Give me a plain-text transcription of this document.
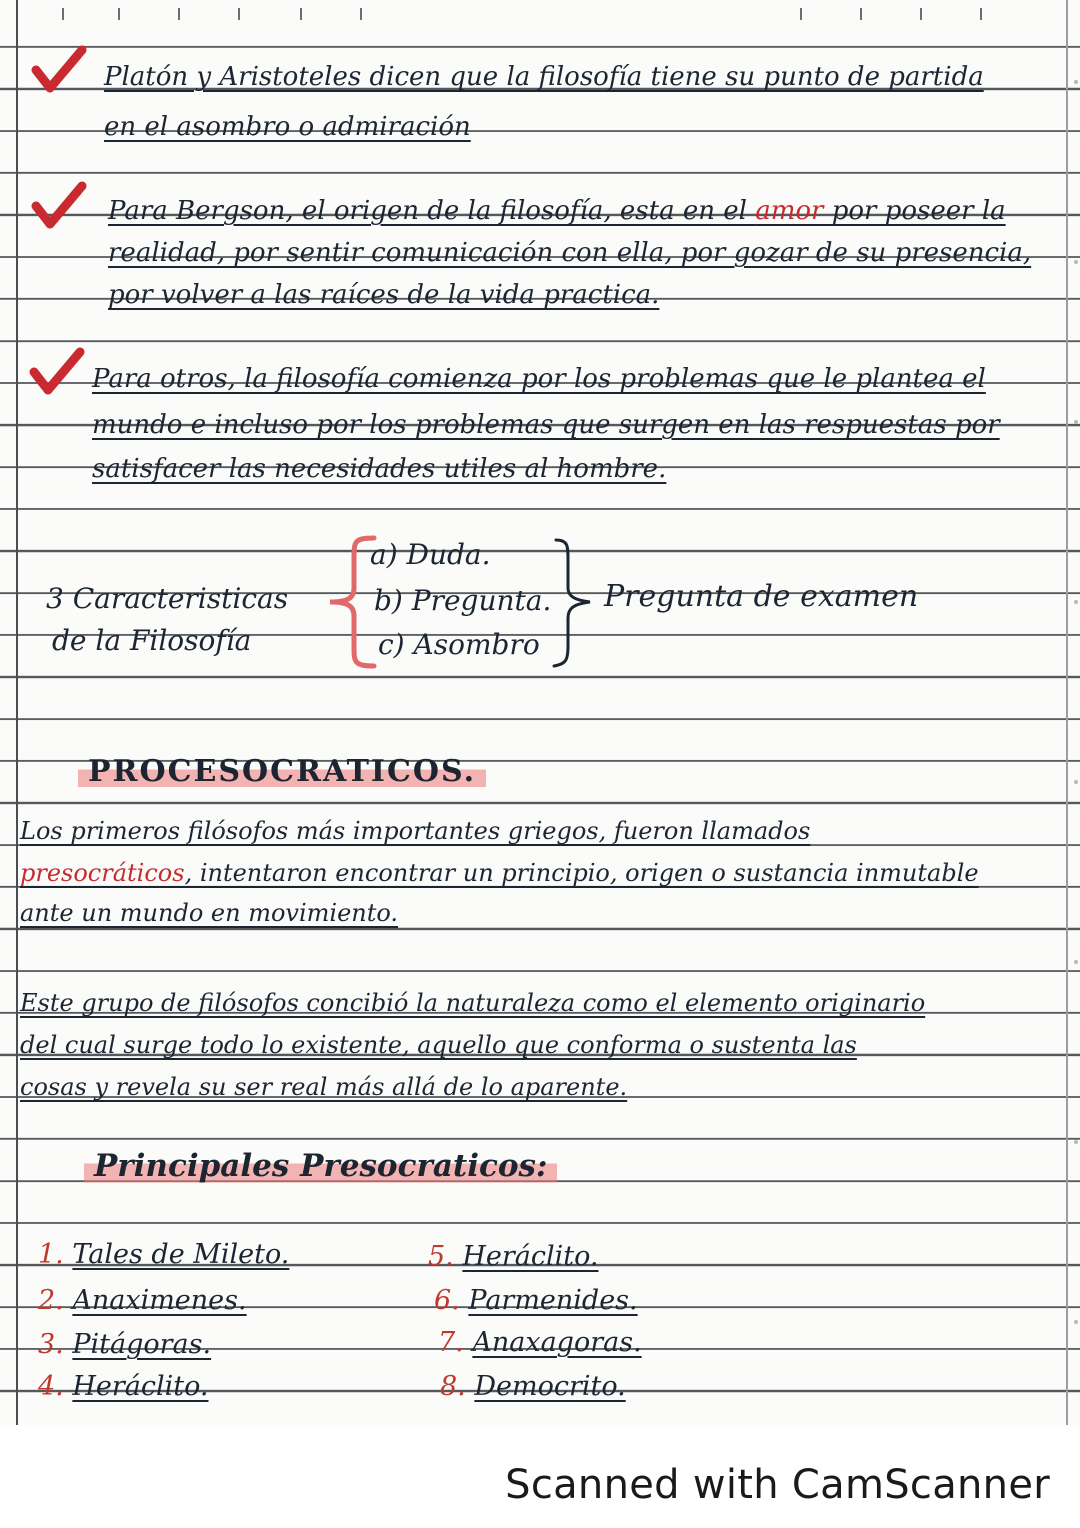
Platón y Aristoteles dicen que la filosofía tiene su punto de partida

en el asombro o admiración

Para Bergson, el origen de la filosofía, esta en el amor por poseer la

realidad, por sentir comunicación con ella, por gozar de su presencia,

por volver a las raíces de la vida practica.

Para otros, la filosofía comienza por los problemas que le plantea el

mundo e incluso por los problemas que surgen en las respuestas por

satisfacer las necesidades utiles al hombre.

3 Caracteristicas

de la Filosofía

a) Duda.

b) Pregunta.

c) Asombro

Pregunta de examen

PROCESOCRATICOS.

Los primeros filósofos más importantes griegos, fueron llamados

presocráticos, intentaron encontrar un principio, origen o sustancia inmutable

ante un mundo en movimiento.

Este grupo de filósofos concibió la naturaleza como el elemento originario

del cual surge todo lo existente, aquello que conforma o sustenta las

cosas y revela su ser real más allá de lo aparente.

Principales Presocraticos:

1. Tales de Mileto.

2. Anaximenes.

3. Pitágoras.

4. Heráclito.

5. Heráclito.

6. Parmenides.

7. Anaxagoras.

8. Democrito.

Scanned with CamScanner
